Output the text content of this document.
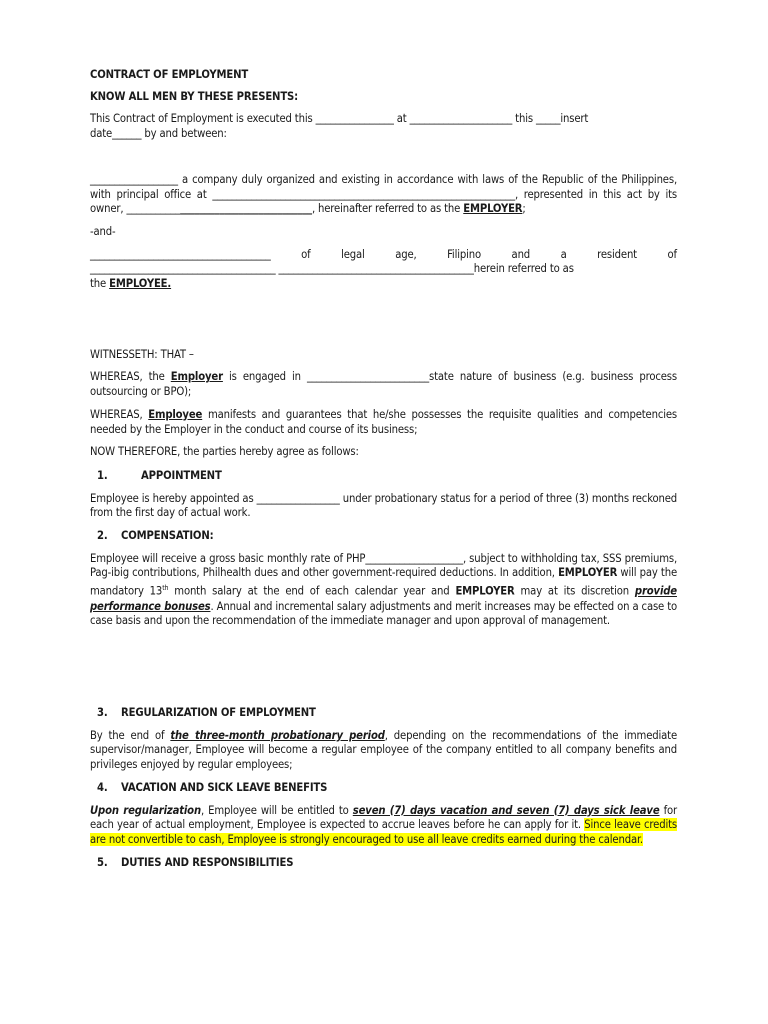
CONTRACT OF EMPLOYMENT

KNOW ALL MEN BY THESE PRESENTS:

This Contract of Employment is executed this ________________ at _____________________ this _____insert

date______ by and between:

__________________ a company duly organized and existing in accordance with laws of the Republic of the Philippines, with principal office at ______________________________________________________________, represented in this act by its owner, ______________________________________, hereinafter referred to as the EMPLOYER;

-and-

_____________________________________	of	legal	age,	Filipino	and	a	resident	of

______________________________________ ________________________________________herein referred to as

the EMPLOYEE.

WITNESSETH: THAT –

WHEREAS, the Employer is engaged in _________________________state nature of business (e.g. business process outsourcing or BPO);

WHEREAS, Employee manifests and guarantees that he/she possesses the requisite qualities and competencies needed by the Employer in the conduct and course of its business;

NOW THEREFORE, the parties hereby agree as follows:

1.	APPOINTMENT

Employee is hereby appointed as _________________ under probationary status for a period of three (3) months reckoned from the first day of actual work.

2. COMPENSATION:

Employee will receive a gross basic monthly rate of PHP____________________, subject to withholding tax, SSS premiums, Pag-ibig contributions, Philhealth dues and other government-required deductions. In addition, EMPLOYER will pay the mandatory 13th month salary at the end of each calendar year and EMPLOYER may at its discretion provide performance bonuses. Annual and incremental salary adjustments and merit increases may be effected on a case to case basis and upon the recommendation of the immediate manager and upon approval of management.

3. REGULARIZATION OF EMPLOYMENT

By the end of the three-month probationary period, depending on the recommendations of the immediate supervisor/manager, Employee will become a regular employee of the company entitled to all company benefits and privileges enjoyed by regular employees;

4. VACATION AND SICK LEAVE BENEFITS

Upon regularization, Employee will be entitled to seven (7) days vacation and seven (7) days sick leave for each year of actual employment, Employee is expected to accrue leaves before he can apply for it. Since leave credits are not convertible to cash, Employee is strongly encouraged to use all leave credits earned during the calendar.

5. DUTIES AND RESPONSIBILITIES
